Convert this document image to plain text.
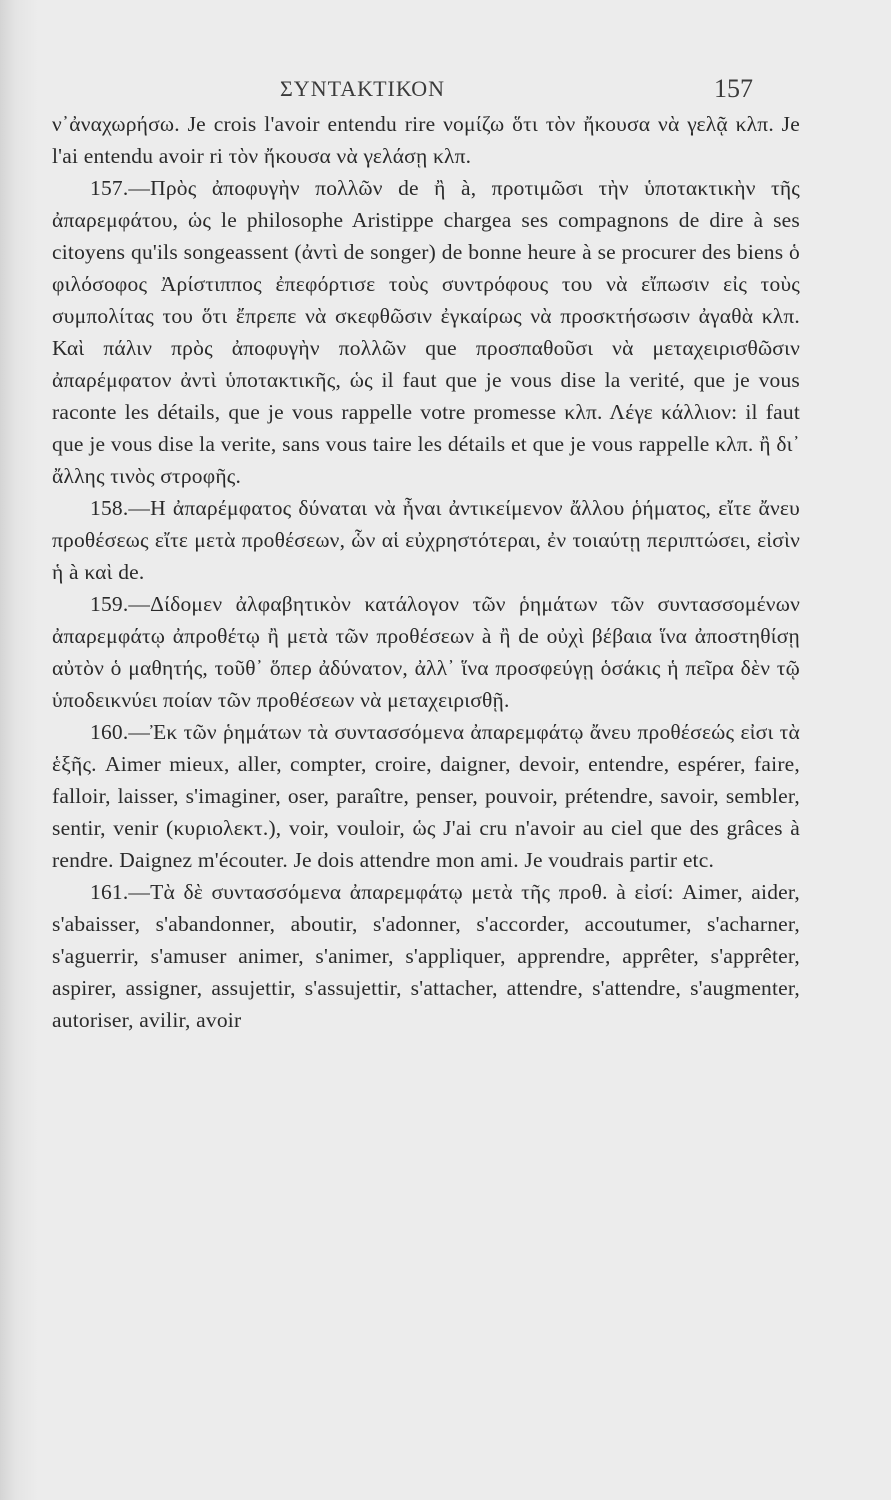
ΣΥΝΤΑΚΤΙΚΟΝ	157

ν᾿ἀναχωρήσω. Je crois l'avoir entendu rire νομίζω ὅτι τὸν ἤκουσα νὰ γελᾷ κλπ. Je l'ai entendu avoir ri τὸν ἤκουσα νὰ γελάσῃ κλπ.

157.—Πρὸς ἀποφυγὴν πολλῶν de ἢ à, προτιμῶσι τὴν ὑποτακτικὴν τῆς ἀπαρεμφάτου, ὡς le philosophe Aristippe chargea ses compagnons de dire à ses citoyens qu'ils songeassent (ἀντὶ de songer) de bonne heure à se procurer des biens ὁ φιλόσοφος Ἀρίστιππος ἐπεφόρτισε τοὺς συντρόφους του νὰ εἴπωσιν εἰς τοὺς συμπολίτας του ὅτι ἔπρεπε νὰ σκεφθῶσιν ἐγκαίρως νὰ προσκτήσωσιν ἀγαθὰ κλπ. Καὶ πάλιν πρὸς ἀποφυγὴν πολλῶν que προσπαθοῦσι νὰ μεταχειρισθῶσιν ἀπαρέμφατον ἀντὶ ὑποτακτικῆς, ὡς il faut que je vous dise la verité, que je vous raconte les détails, que je vous rappelle votre promesse κλπ. Λέγε κάλλιον: il faut que je vous dise la verite, sans vous taire les détails et que je vous rappelle κλπ. ἢ δι᾿ ἄλλης τινὸς στροφῆς.

158.—Η ἀπαρέμφατος δύναται νὰ ἦναι ἀντικείμενον ἄλλου ῥήματος, εἴτε ἄνευ προθέσεως εἴτε μετὰ προθέσεων, ὧν αἱ εὐχρηστότεραι, ἐν τοιαύτῃ περιπτώσει, εἰσὶν ἡ à καὶ de.

159.—Δίδομεν ἀλφαβητικὸν κατάλογον τῶν ῥημάτων τῶν συντασσομένων ἀπαρεμφάτῳ ἀπροθέτῳ ἢ μετὰ τῶν προθέσεων à ἢ de οὐχὶ βέβαια ἵνα ἀποστηθίσῃ αὐτὸν ὁ μαθητής, τοῦθ᾿ ὅπερ ἀδύνατον, ἀλλ᾿ ἵνα προσφεύγῃ ὁσάκις ἡ πεῖρα δὲν τῷ ὑποδεικνύει ποίαν τῶν προθέσεων νὰ μεταχειρισθῇ.

160.—Ἐκ τῶν ῥημάτων τὰ συντασσόμενα ἀπαρεμφάτῳ ἄνευ προθέσεώς εἰσι τὰ ἑξῆς. Aimer mieux, aller, compter, croire, daigner, devoir, entendre, espérer, faire, falloir, laisser, s'imaginer, oser, paraître, penser, pouvoir, prétendre, savoir, sembler, sentir, venir (κυριολεκτ.), voir, vouloir, ὡς J'ai cru n'avoir au ciel que des grâces à rendre. Daignez m'écouter. Je dois attendre mon ami. Je voudrais partir etc.

161.—Τὰ δὲ συντασσόμενα ἀπαρεμφάτῳ μετὰ τῆς προθ. à εἰσί: Aimer, aider, s'abaisser, s'abandonner, aboutir, s'adonner, s'accorder, accoutumer, s'acharner, s'aguerrir, s'amuser animer, s'animer, s'appliquer, apprendre, apprêter, s'apprêter, aspirer, assigner, assujettir, s'assujettir, s'attacher, attendre, s'attendre, s'augmenter, autoriser, avilir, avoir
